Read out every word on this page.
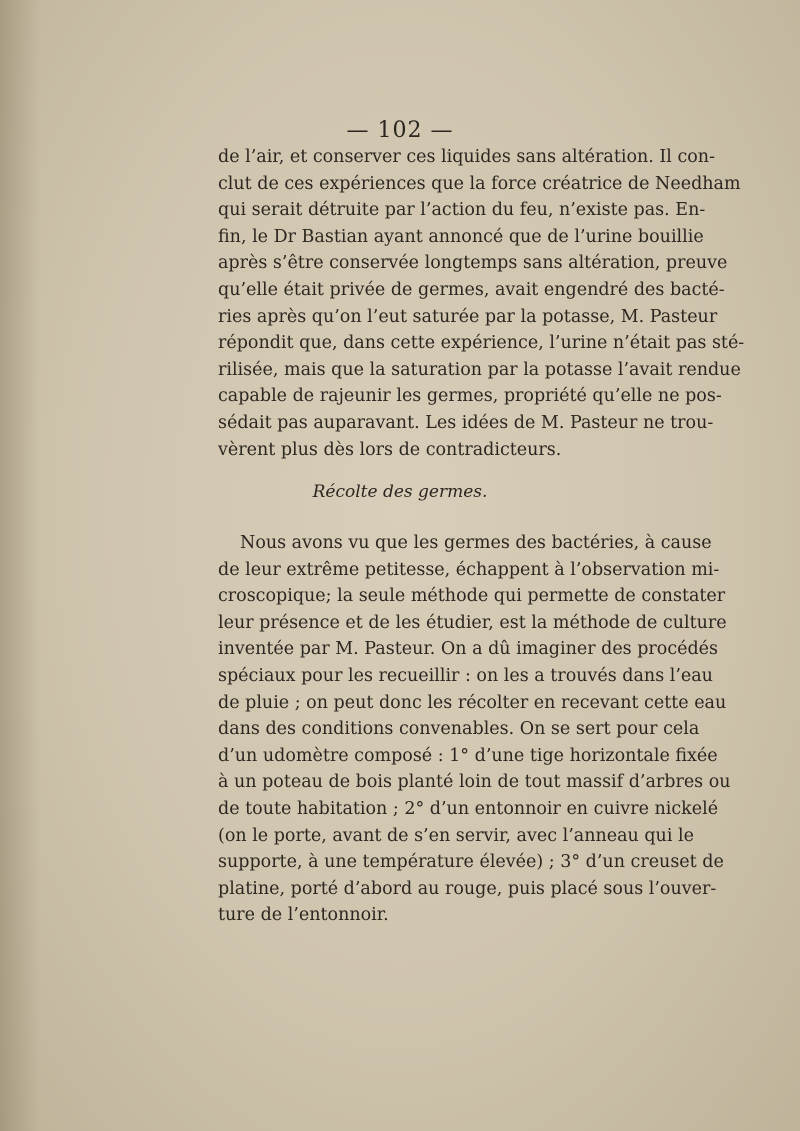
— 102 —
de l’air, et conserver ces liquides sans altération. Il con-
clut de ces expériences que la force créatrice de Needham
qui serait détruite par l’action du feu, n’existe pas. En-
fin, le Dr Bastian ayant annoncé que de l’urine bouillie
après s’être conservée longtemps sans altération, preuve
qu’elle était privée de germes, avait engendré des bacté-
ries après qu’on l’eut saturée par la potasse, M. Pasteur
répondit que, dans cette expérience, l’urine n’était pas sté-
rilisée, mais que la saturation par la potasse l’avait rendue
capable de rajeunir les germes, propriété qu’elle ne pos-
sédait pas auparavant. Les idées de M. Pasteur ne trou-
vèrent plus dès lors de contradicteurs.
Récolte des germes.
Nous avons vu que les germes des bactéries, à cause
de leur extrême petitesse, échappent à l’observation mi-
croscopique; la seule méthode qui permette de constater
leur présence et de les étudier, est la méthode de culture
inventée par M. Pasteur. On a dû imaginer des procédés
spéciaux pour les recueillir : on les a trouvés dans l’eau
de pluie ; on peut donc les récolter en recevant cette eau
dans des conditions convenables. On se sert pour cela
d’un udomètre composé : 1° d’une tige horizontale fixée
à un poteau de bois planté loin de tout massif d’arbres ou
de toute habitation ; 2° d’un entonnoir en cuivre nickelé
(on le porte, avant de s’en servir, avec l’anneau qui le
supporte, à une température élevée) ; 3° d’un creuset de
platine, porté d’abord au rouge, puis placé sous l’ouver-
ture de l’entonnoir.
